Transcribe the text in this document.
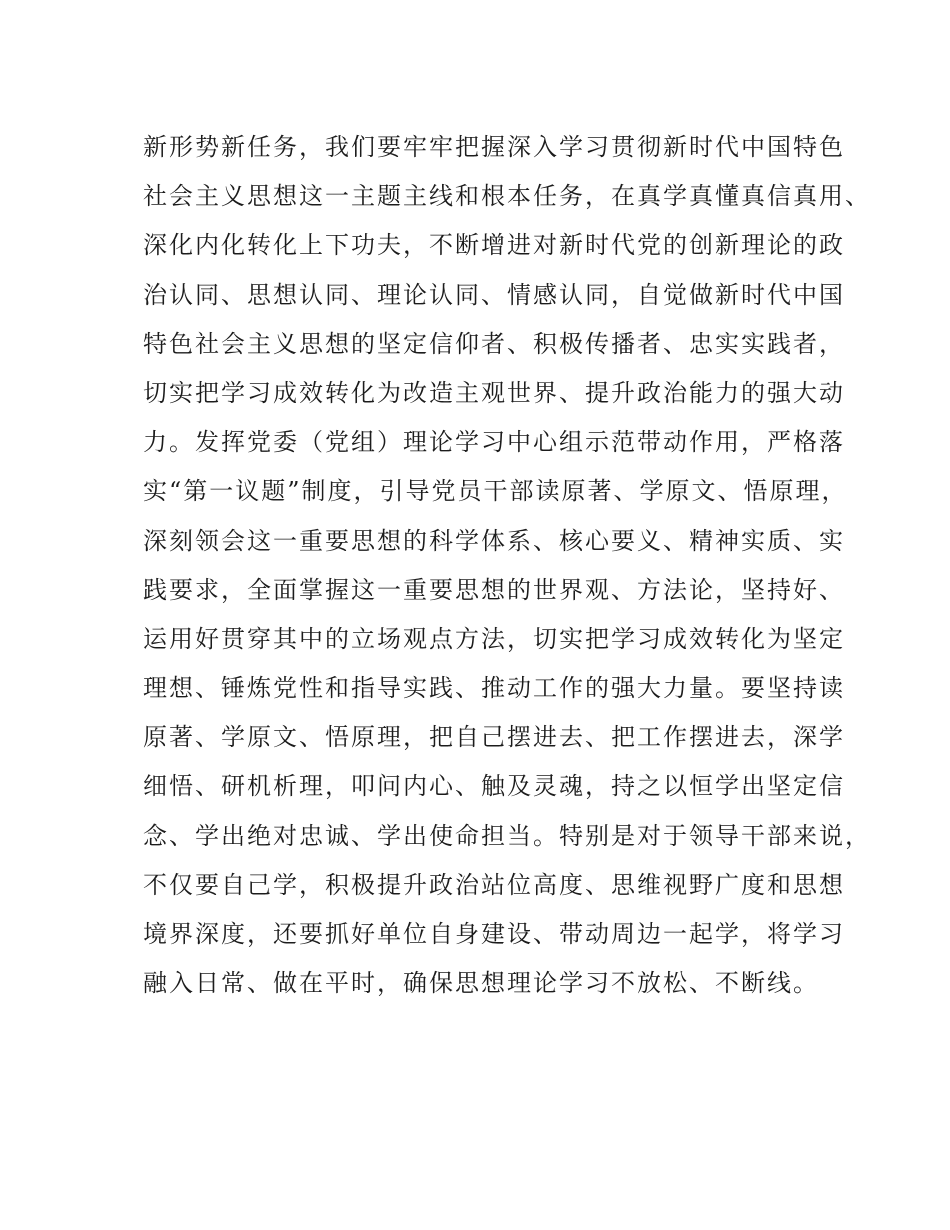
新形势新任务，我们要牢牢把握深入学习贯彻新时代中国特色
社会主义思想这一主题主线和根本任务，在真学真懂真信真用、
深化内化转化上下功夫，不断增进对新时代党的创新理论的政
治认同、思想认同、理论认同、情感认同，自觉做新时代中国
特色社会主义思想的坚定信仰者、积极传播者、忠实实践者，
切实把学习成效转化为改造主观世界、提升政治能力的强大动
力。发挥党委（党组）理论学习中心组示范带动作用，严格落
实“第一议题”制度，引导党员干部读原著、学原文、悟原理，
深刻领会这一重要思想的科学体系、核心要义、精神实质、实
践要求，全面掌握这一重要思想的世界观、方法论，坚持好、
运用好贯穿其中的立场观点方法，切实把学习成效转化为坚定
理想、锤炼党性和指导实践、推动工作的强大力量。要坚持读
原著、学原文、悟原理，把自己摆进去、把工作摆进去，深学
细悟、研机析理，叩问内心、触及灵魂，持之以恒学出坚定信
念、学出绝对忠诚、学出使命担当。特别是对于领导干部来说，
不仅要自己学，积极提升政治站位高度、思维视野广度和思想
境界深度，还要抓好单位自身建设、带动周边一起学，将学习
融入日常、做在平时，确保思想理论学习不放松、不断线。
